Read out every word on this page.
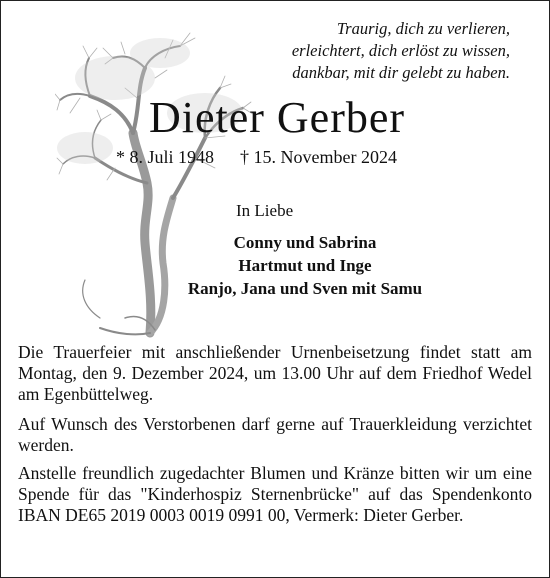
Traurig, dich zu verlieren,
erleichtert, dich erlöst zu wissen,
dankbar, mit dir gelebt zu haben.
Dieter Gerber
* 8. Juli 1948 † 15. November 2024
In Liebe
Conny und Sabrina
Hartmut und Inge
Ranjo, Jana und Sven mit Samu
Die Trauerfeier mit anschließender Urnenbeisetzung findet statt am Montag, den 9. Dezember 2024, um 13.00 Uhr auf dem Friedhof Wedel am Egenbüttelweg.
Auf Wunsch des Verstorbenen darf gerne auf Trauerkleidung verzichtet werden.
Anstelle freundlich zugedachter Blumen und Kränze bitten wir um eine Spende für das "Kinderhospiz Sternenbrücke" auf das Spendenkonto IBAN DE65 2019 0003 0019 0991 00, Vermerk: Dieter Gerber.
